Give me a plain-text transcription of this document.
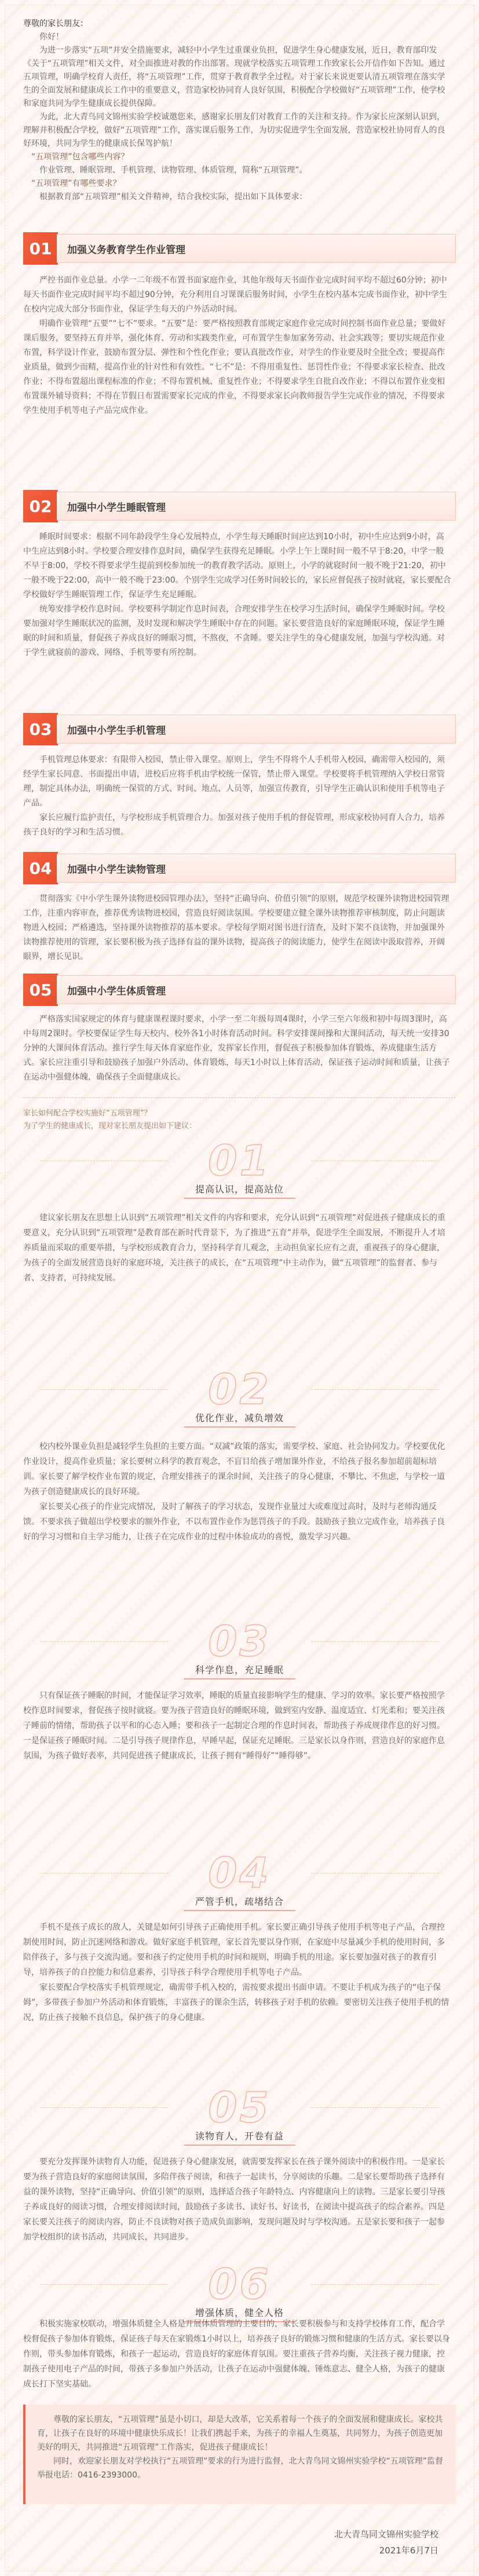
尊敬的家长朋友：

你好！

为进一步落实“五项”并安全措施要求，减轻中小学生过重课业负担，促进学生身心健康发展，近日，教育部印发《关于“五项管理”相关文件，对全面推进对教的作出部署。现就学校落实五项管理工作致家长公开信作如下告知。通过五项管理，明确学校育人责任，将“五项管理”工作，贯穿于教育教学全过程。对于家长来说更要认清五项管理在落实学生的全面发展和健康成长工作中的重要意义，营造家校协同育人良好氛围，积极配合学校做好“五项管理”工作，使学校和家庭共同为学生健康成长提供保障。

为此，北大青鸟同文锦州实验学校诚邀您来，感谢家长朋友们对教育工作的关注和支持。作为家长应深刻认识到，理解并积极配合学校，做好“五项管理”工作，落实课后服务工作，为切实促进学生全面发展，营造家校社协同育人的良好环境，共同为学生的健康成长保驾护航！

“五项管理”包含哪些内容？

作业管理、睡眠管理、手机管理、读物管理、体质管理，简称“五项管理”。

“五项管理”有哪些要求？

根据教育部“五项管理”相关文件精神，结合我校实际，提出如下具体要求：

01	加强义务教育学生作业管理

严控书面作业总量。小学一二年级不布置书面家庭作业，其他年级每天书面作业完成时间平均不超过60分钟；初中每天书面作业完成时间平均不超过90分钟，充分利用自习课课后服务时间，小学生在校内基本完成书面作业，初中学生在校内完成大部分书面作业，保证学生每天的户外活动时间。

明确作业管理“五要”“七不”要求。“五要”是：要严格按照教育部规定家庭作业完成时间控制书面作业总量；要做好课后服务，要坚持五育并举，强化体育、劳动和实践类作业，可布置学生参加家务劳动、社会实践等；要切实规范作业布置，科学设计作业，鼓励布置分层、弹性和个性化作业；要认真批改作业，对学生的作业要及时全批全改；要提高作业质量，做到少而精，提高作业的针对性和有效性。“七不”是：不得用重复性、惩罚性作业；不得要求家长检查、批改作业；不得布置超出课程标准的作业；不得布置机械、重复性作业；不得要求学生自批自改作业；不得以布置作业变相布置课外辅导资料；不得在节假日布置需要家长完成的作业，不得要求家长向教师报告学生完成作业的情况，不得要求学生使用手机等电子产品完成作业。

02	加强中小学生睡眠管理

睡眠时间要求：根据不同年龄段学生身心发展特点，小学生每天睡眠时间应达到10小时，初中生应达到9小时，高中生应达到8小时。学校要合理安排作息时间，确保学生获得充足睡眠。小学上午上课时间一般不早于8:20，中学一般不早于8:00，学校不得要求学生提前到校参加统一的教育教学活动。原则上，小学的就寝时间一般不晚于21:20，初中一般不晚于22:00，高中一般不晚于23:00。个别学生完成学习任务时间较长的，家长应督促孩子按时就寝，家长要配合学校做好学生睡眠管理工作，保证学生充足睡眠。

统筹安排学校作息时间。学校要科学制定作息时间表，合理安排学生在校学习生活时间，确保学生睡眠时间。学校要加强对学生睡眠状况的监测，及时发现和解决学生睡眠中存在的问题。家长要营造良好的家庭睡眠环境，保证学生睡眠的时间和质量，督促孩子养成良好的睡眠习惯，不熬夜，不贪睡。要关注学生的身心健康发展，加强与学校沟通。对于学生就寝前的游戏、网络、手机等要有所控制。

03	加强中小学生手机管理

手机管理总体要求：有限带入校园，禁止带入课堂。原则上，学生不得将个人手机带入校园，确需带入校园的，须经学生家长同意、书面提出申请，进校后应将手机由学校统一保管，禁止带入课堂。学校要将手机管理纳入学校日常管理，制定具体办法，明确统一保管的方式、时间、地点、人员等，加强宣传教育，引导学生正确认识和使用手机等电子产品。

家长应履行监护责任，与学校形成手机管理合力。加强对孩子使用手机的督促管理，形成家校协同育人合力，培养孩子良好的学习和生活习惯。

04	加强中小学生读物管理

贯彻落实《中小学生课外读物进校园管理办法》，坚持“正确导向、价值引领”的原则，规范学校课外读物进校园管理工作，注重内容审查，推荐优秀读物进校园，营造良好阅读氛围。学校要建立健全课外读物推荐审核制度，防止问题读物进入校园；严格遴选，坚持课外读物推荐的基本要求。学校每学期对图书进行清查，及时下架不良读物，并加强课外读物推荐使用的管理，家长要积极为孩子选择有益的课外读物，提高孩子的阅读能力，使学生在阅读中汲取营养，开阔眼界，增长见识。

05	加强中小学生体质管理

严格落实国家规定的体育与健康课程课时要求，小学一至二年级每周4课时，小学三至六年级和初中每周3课时，高中每周2课时。学校要保证学生每天校内、校外各1小时体育活动时间。科学安排课间操和大课间活动，每天统一安排30分钟的大课间体育活动。推行学生每天体育家庭作业，发挥家长作用，督促孩子积极参加体育锻炼，养成健康生活方式。家长应注重引导和鼓励孩子加强户外活动、体育锻炼，每天1小时以上体育活动，保证孩子运动时间和质量，让孩子在运动中强健体魄，确保孩子全面健康成长。

家长如何配合学校实施好“五项管理”？

为了学生的健康成长，现对家长朋友提出如下建议：

01
提高认识，提高站位

建议家长朋友在思想上认识到“五项管理”相关文件的内容和要求，充分认识到“五项管理”对促进孩子健康成长的重要意义，充分认识到“五项管理”是教育部在新时代背景下，为了推进“五育”并举，促进学生全面发展，不断提升人才培养质量而采取的重要举措，与学校形成教育合力，坚持科学育儿观念，主动担负家长应有之责，重视孩子的身心健康，为孩子的全面发展营造良好的家庭环境，关注孩子的成长，在“五项管理”中主动作为，做“五项管理”的监督者、参与者、支持者，可持续发展。

02
优化作业，减负增效

校内校外课业负担是减轻学生负担的主要方面。“双减”政策的落实，需要学校、家庭、社会协同发力。学校要优化作业设计，提高作业质量；家长要树立科学的教育观念，不盲目给孩子增加课外作业，不给孩子报名参加超前超标培训。家长要了解学校作业布置的规定，合理安排孩子的课余时间，关注孩子的身心健康，不攀比、不焦虑，与学校一道为孩子创造健康成长的良好环境。

家长要关心孩子的作业完成情况，及时了解孩子的学习状态，发现作业量过大或难度过高时，及时与老师沟通反馈。不要求孩子做超出学校要求的额外作业，不以布置作业作为惩罚孩子的手段。鼓励孩子独立完成作业，培养孩子良好的学习习惯和自主学习能力，让孩子在完成作业的过程中体验成功的喜悦，激发学习兴趣。

03
科学作息，充足睡眠

只有保证孩子睡眠的时间，才能保证学习效率，睡眠的质量直接影响学生的健康、学习的效率。家长要严格按照学校作息时间要求，督促孩子按时就寝。要为孩子营造良好的睡眠环境，做到室内安静、温度适宜、灯光柔和；要关注孩子睡前的情绪，帮助孩子以平和的心态入睡；要和孩子一起制定合理的作息时间表，帮助孩子养成规律作息的好习惯。一是保证孩子睡眠时间。二是引导孩子规律作息，早睡早起，保证充足睡眠。三是家长以身作则，营造良好的家庭作息氛围，为孩子做好表率，共同促进孩子健康成长，让孩子拥有“睡得好”“睡得够”。

04
严管手机，疏堵结合

手机不是孩子成长的敌人，关键是如何引导孩子正确使用手机。家长要正确引导孩子使用手机等电子产品，合理控制使用时间，防止沉迷网络和游戏。做好家庭手机管理，家长首先要以身作则，在家庭中尽量减少手机的使用时间，多陪伴孩子，多与孩子交流沟通。要和孩子约定使用手机的时间和规则，明确手机的用途。家长要加强对孩子的教育引导，培养孩子的自控能力和信息素养，引导孩子科学合理使用手机等电子产品。

家长要配合学校落实手机管理规定，确需带手机入校的，需按要求提出书面申请。不要让手机成为孩子的“电子保姆”，多带孩子参加户外活动和体育锻炼，丰富孩子的课余生活，转移孩子对手机的依赖。要密切关注孩子使用手机的情况，防止孩子接触不良信息，保护孩子的身心健康。

05
读物育人，开卷有益

要充分发挥课外读物育人功能，促进孩子身心健康发展，就需要发挥家长在孩子课外阅读中的积极作用。一是家长要为孩子营造良好的家庭阅读氛围，多陪伴孩子阅读，和孩子一起读书，分享阅读的乐趣。二是家长要帮助孩子选择有益的课外读物，坚持“正确导向、价值引领”的原则，选择适合孩子年龄特点、内容健康向上的读物。三是家长要引导孩子养成良好的阅读习惯，合理安排阅读时间，鼓励孩子多读书、读好书、好读书，在阅读中提高孩子的综合素养。四是家长要关注孩子的阅读内容，防止不良读物对孩子造成负面影响，发现问题及时与学校沟通。五是家长要和孩子一起参加学校组织的读书活动，共同成长，共同进步。

06
增强体质，健全人格

积极实施家校联动，增强体质健全人格是开展体质管理的主要目的，家长要积极参与和支持学校体育工作，配合学校督促孩子参加体育锻炼，保证孩子每天在家锻炼1小时以上，培养孩子良好的锻炼习惯和健康的生活方式。家长要以身作则，带头参加体育锻炼，和孩子一起运动，营造良好的家庭体育氛围。要注重孩子营养均衡，关注孩子视力健康，控制孩子使用电子产品的时间，带孩子多参加户外活动，让孩子在运动中强健体魄、锤炼意志、健全人格，为孩子的健康成长打下坚实基础。

尊敬的家长朋友，“五项管理”虽是小切口，却是大改革，它关系着每一个孩子的全面发展和健康成长。家校共育，让孩子在良好的环境中健康快乐成长！让我们携起手来，为孩子的幸福人生奠基，共同努力，为孩子创造更加美好的明天，共同推进“五项管理”工作落实，促进孩子健康成长！

同时，欢迎家长朋友对学校执行“五项管理”要求的行为进行监督，北大青鸟同文锦州实验学校“五项管理”监督举报电话：0416-2393000。

北大青鸟同文锦州实验学校
2021年6月7日
